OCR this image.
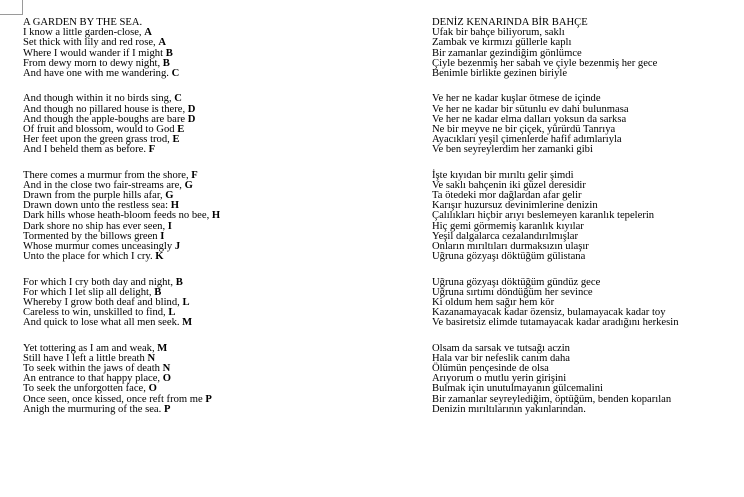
A GARDEN BY THE SEA.
I know a little garden-close, A
Set thick with lily and red rose, A
Where I would wander if I might B
From dewy morn to dewy night, B
And have one with me wandering. C
And though within it no birds sing, C
And though no pillared house is there, D
And though the apple-boughs are bare D
Of fruit and blossom, would to God E
Her feet upon the green grass trod, E
And I beheld them as before. F
There comes a murmur from the shore, F
And in the close two fair-streams are, G
Drawn from the purple hills afar, G
Drawn down unto the restless sea: H
Dark hills whose heath-bloom feeds no bee, H
Dark shore no ship has ever seen, I
Tormented by the billows green I
Whose murmur comes unceasingly J
Unto the place for which I cry. K
For which I cry both day and night, B
For which I let slip all delight, B
Whereby I grow both deaf and blind, L
Careless to win, unskilled to find, L
And quick to lose what all men seek. M
Yet tottering as I am and weak, M
Still have I left a little breath N
To seek within the jaws of death N
An entrance to that happy place, O
To seek the unforgotten face, O
Once seen, once kissed, once reft from me P
Anigh the murmuring of the sea. P
DENİZ KENARINDA BİR BAHÇE
Ufak bir bahçe biliyorum, saklı
Zambak ve kırmızı güllerle kaplı
Bir zamanlar gezindiğim gönlümce
Çiyle bezenmiş her sabah ve çiyle bezenmiş her gece
Benimle birlikte gezinen biriyle
Ve her ne kadar kuşlar ötmese de içinde
Ve her ne kadar bir sütunlu ev dahi bulunmasa
Ve her ne kadar elma dalları yoksun da sarksa
Ne bir meyve ne bir çiçek, yürürdü Tanrıya
Ayacıkları yeşil çimenlerde hafif adımlarıyla
Ve ben seyreylerdim her zamanki gibi
İşte kıyıdan bir mırıltı gelir şimdi
Ve saklı bahçenin iki güzel deresidir
Ta ötedeki mor dağlardan afar gelir
Karışır huzursuz devinimlerine denizin
Çalılıkları hiçbir arıyı beslemeyen karanlık tepelerin
Hiç gemi görmemiş karanlık kıyılar
Yeşil dalgalarca cezalandırılmışlar
Onların mırıltıları durmaksızın ulaşır
Uğruna gözyaşı döktüğüm gülistana
Uğruna gözyaşı döktüğüm gündüz gece
Uğruna sırtımı döndüğüm her sevince
Ki oldum hem sağır hem kör
Kazanamayacak kadar özensiz, bulamayacak kadar toy
Ve basiretsiz elimde tutamayacak kadar aradığını herkesin
Olsam da sarsak ve tutsağı aczin
Hala var bir nefeslik canım daha
Ölümün pençesinde de olsa
Arıyorum o mutlu yerin girişini
Bulmak için unutulmayanın gülcemalini
Bir zamanlar seyreylediğim, öptüğüm, benden koparılan
Denizin mırıltılarının yakınlarından.
